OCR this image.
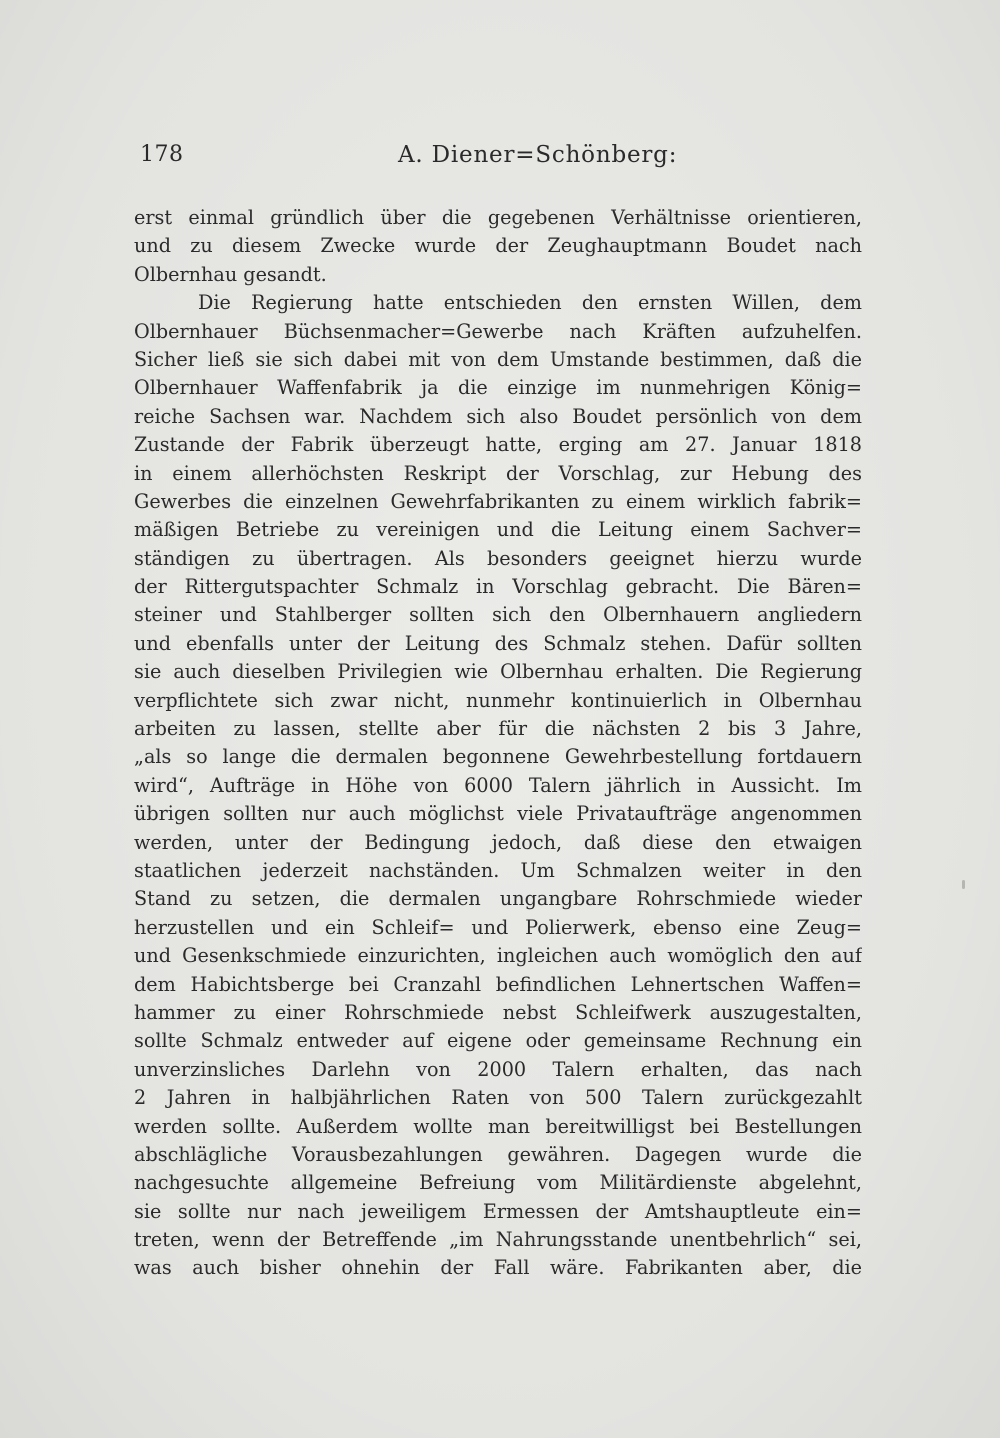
178	A. Diener=Schönberg:
erst einmal gründlich über die gegebenen Verhältnisse orientieren,
und zu diesem Zwecke wurde der Zeughauptmann Boudet nach
Olbernhau gesandt.
Die Regierung hatte entschieden den ernsten Willen, dem
Olbernhauer Büchsenmacher=Gewerbe nach Kräften aufzuhelfen.
Sicher ließ sie sich dabei mit von dem Umstande bestimmen, daß die
Olbernhauer Waffenfabrik ja die einzige im nunmehrigen König=
reiche Sachsen war. Nachdem sich also Boudet persönlich von dem
Zustande der Fabrik überzeugt hatte, erging am 27. Januar 1818
in einem allerhöchsten Reskript der Vorschlag, zur Hebung des
Gewerbes die einzelnen Gewehrfabrikanten zu einem wirklich fabrik=
mäßigen Betriebe zu vereinigen und die Leitung einem Sachver=
ständigen zu übertragen. Als besonders geeignet hierzu wurde
der Rittergutspachter Schmalz in Vorschlag gebracht. Die Bären=
steiner und Stahlberger sollten sich den Olbernhauern angliedern
und ebenfalls unter der Leitung des Schmalz stehen. Dafür sollten
sie auch dieselben Privilegien wie Olbernhau erhalten. Die Regierung
verpflichtete sich zwar nicht, nunmehr kontinuierlich in Olbernhau
arbeiten zu lassen, stellte aber für die nächsten 2 bis 3 Jahre,
„als so lange die dermalen begonnene Gewehrbestellung fortdauern
wird“, Aufträge in Höhe von 6000 Talern jährlich in Aussicht. Im
übrigen sollten nur auch möglichst viele Privataufträge angenommen
werden, unter der Bedingung jedoch, daß diese den etwaigen
staatlichen jederzeit nachständen. Um Schmalzen weiter in den
Stand zu setzen, die dermalen ungangbare Rohrschmiede wieder
herzustellen und ein Schleif= und Polierwerk, ebenso eine Zeug=
und Gesenkschmiede einzurichten, ingleichen auch womöglich den auf
dem Habichtsberge bei Cranzahl befindlichen Lehnertschen Waffen=
hammer zu einer Rohrschmiede nebst Schleifwerk auszugestalten,
sollte Schmalz entweder auf eigene oder gemeinsame Rechnung ein
unverzinsliches Darlehn von 2000 Talern erhalten, das nach
2 Jahren in halbjährlichen Raten von 500 Talern zurückgezahlt
werden sollte. Außerdem wollte man bereitwilligst bei Bestellungen
abschlägliche Vorausbezahlungen gewähren. Dagegen wurde die
nachgesuchte allgemeine Befreiung vom Militärdienste abgelehnt,
sie sollte nur nach jeweiligem Ermessen der Amtshauptleute ein=
treten, wenn der Betreffende „im Nahrungsstande unentbehrlich“ sei,
was auch bisher ohnehin der Fall wäre. Fabrikanten aber, die
